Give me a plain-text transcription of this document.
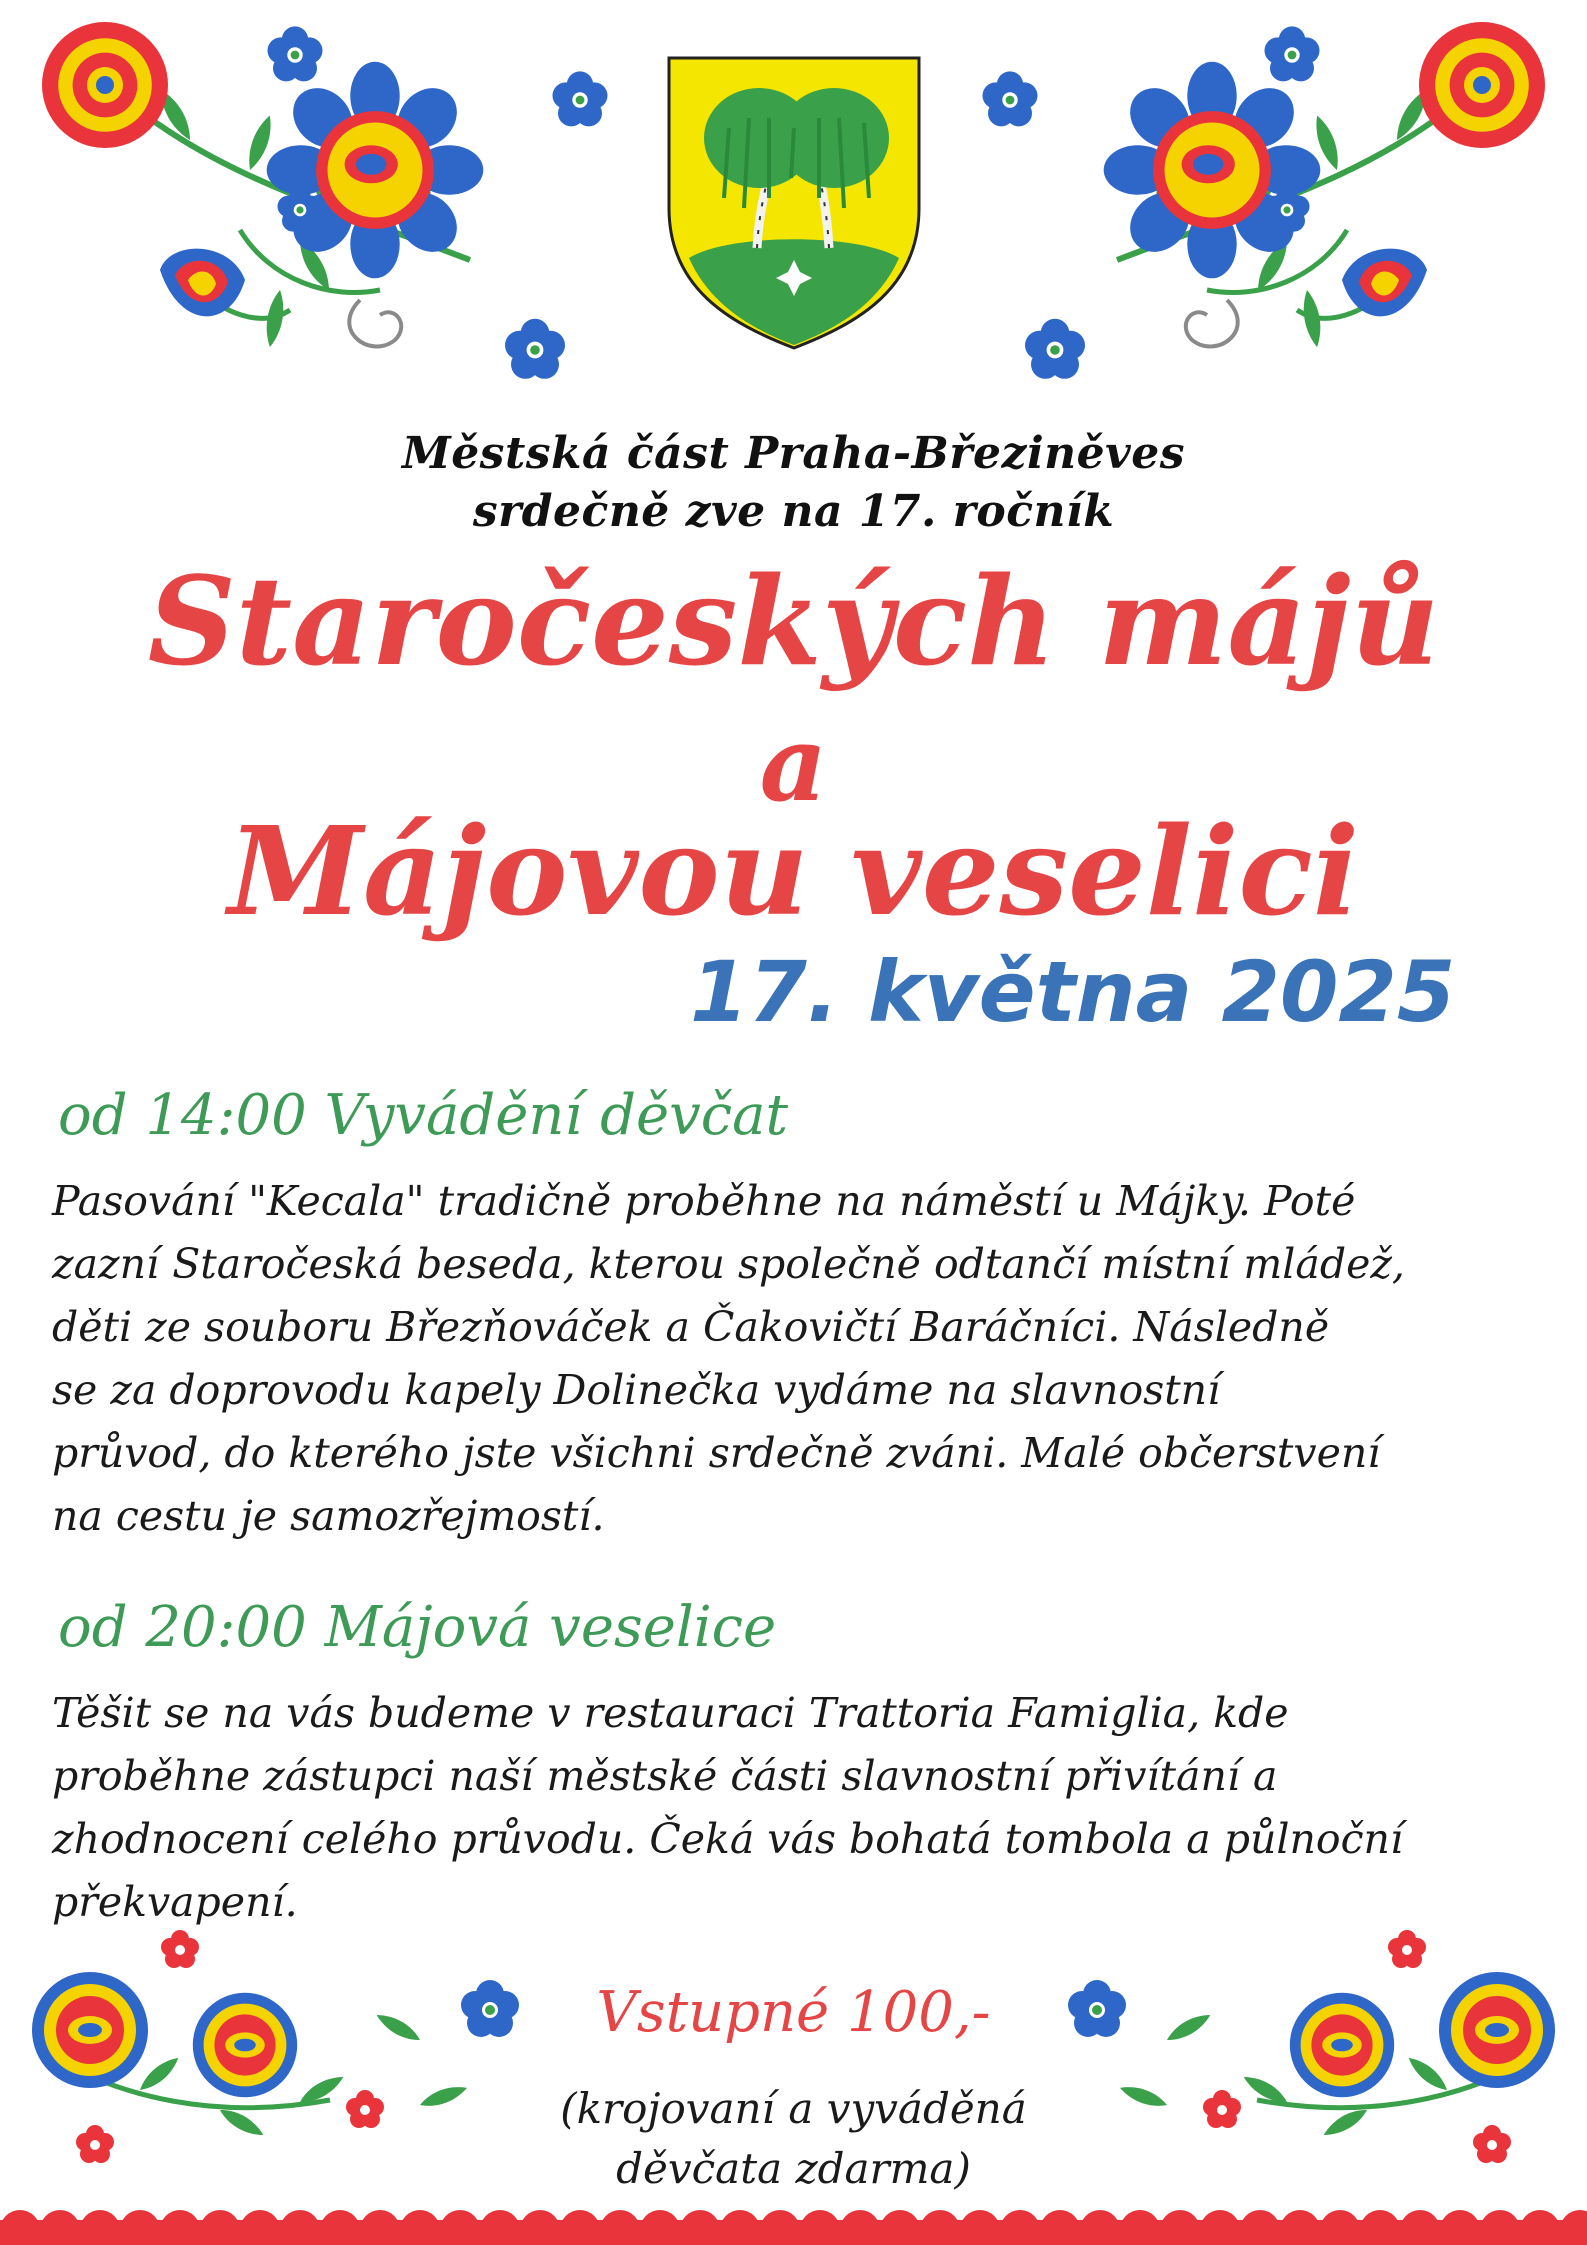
Městská část Praha-Březiněves
srdečně zve na 17. ročník
Staročeských májů
a
Májovou veselici
17. května 2025
od 14:00 Vyvádění děvčat
Pasování "Kecala" tradičně proběhne na náměstí u Májky. Poté
zazní Staročeská beseda, kterou společně odtančí místní mládež,
děti ze souboru Březňováček a Čakovičtí Baráčníci. Následně
se za doprovodu kapely Dolinečka vydáme na slavnostní
průvod, do kterého jste všichni srdečně zváni. Malé občerstvení
na cestu je samozřejmostí.
od 20:00 Májová veselice
Těšit se na vás budeme v restauraci Trattoria Famiglia, kde
proběhne zástupci naší městské části slavnostní přivítání a
zhodnocení celého průvodu. Čeká vás bohatá tombola a půlnoční
překvapení.
Vstupné 100,-
(krojovaní a vyváděná
děvčata zdarma)
